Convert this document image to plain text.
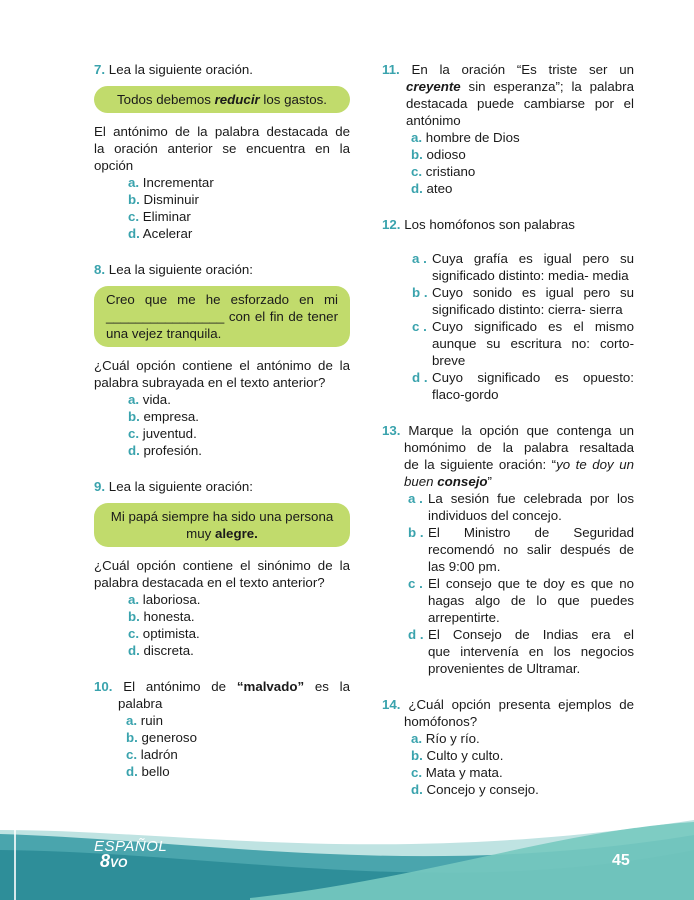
7. Lea la siguiente oración.
Todos debemos reducir los gastos.
El antónimo de la palabra destacada de
la oración anterior se encuentra en la
opción
a. Incrementar
b. Disminuir
c. Eliminar
d. Acelerar
8. Lea la siguiente oración:
Creo que me he esforzado en mi
________________ con el fin de tener
una vejez tranquila.
¿Cuál opción contiene el antónimo de la
palabra subrayada en el texto anterior?
a. vida.
b. empresa.
c. juventud.
d. profesión.
9. Lea la siguiente oración:
Mi papá siempre ha sido una persona
muy alegre.
¿Cuál opción contiene el sinónimo de la
palabra destacada en el texto anterior?
a. laboriosa.
b. honesta.
c. optimista.
d. discreta.
10. El antónimo de “malvado” es la
palabra
a. ruin
b. generoso
c. ladrón
d. bello
11. En la oración “Es triste ser un
creyente sin esperanza”; la palabra
destacada puede cambiarse por el
antónimo
a. hombre de Dios
b. odioso
c. cristiano
d. ateo
12. Los homófonos son palabras
a . Cuya grafía es igual pero su
significado distinto: media- media
b . Cuyo sonido es igual pero su
significado distinto: cierra- sierra
c . Cuyo significado es el mismo
aunque su escritura no: corto-
breve
d . Cuyo significado es opuesto:
flaco-gordo
13. Marque la opción que contenga un
homónimo de la palabra resaltada
de la siguiente oración: “yo te doy un
buen consejo”
a . La sesión fue celebrada por los
individuos del concejo.
b . El Ministro de Seguridad
recomendó no salir después de
las 9:00 pm.
c . El consejo que te doy es que no
hagas algo de lo que puedes
arrepentirte.
d . El Consejo de Indias era el
que intervenía en los negocios
provenientes de Ultramar.
14. ¿Cuál opción presenta ejemplos de
homófonos?
a. Río y río.
b. Culto y culto.
c. Mata y mata.
d. Concejo y consejo.
ESPAÑOL
8VO	45
